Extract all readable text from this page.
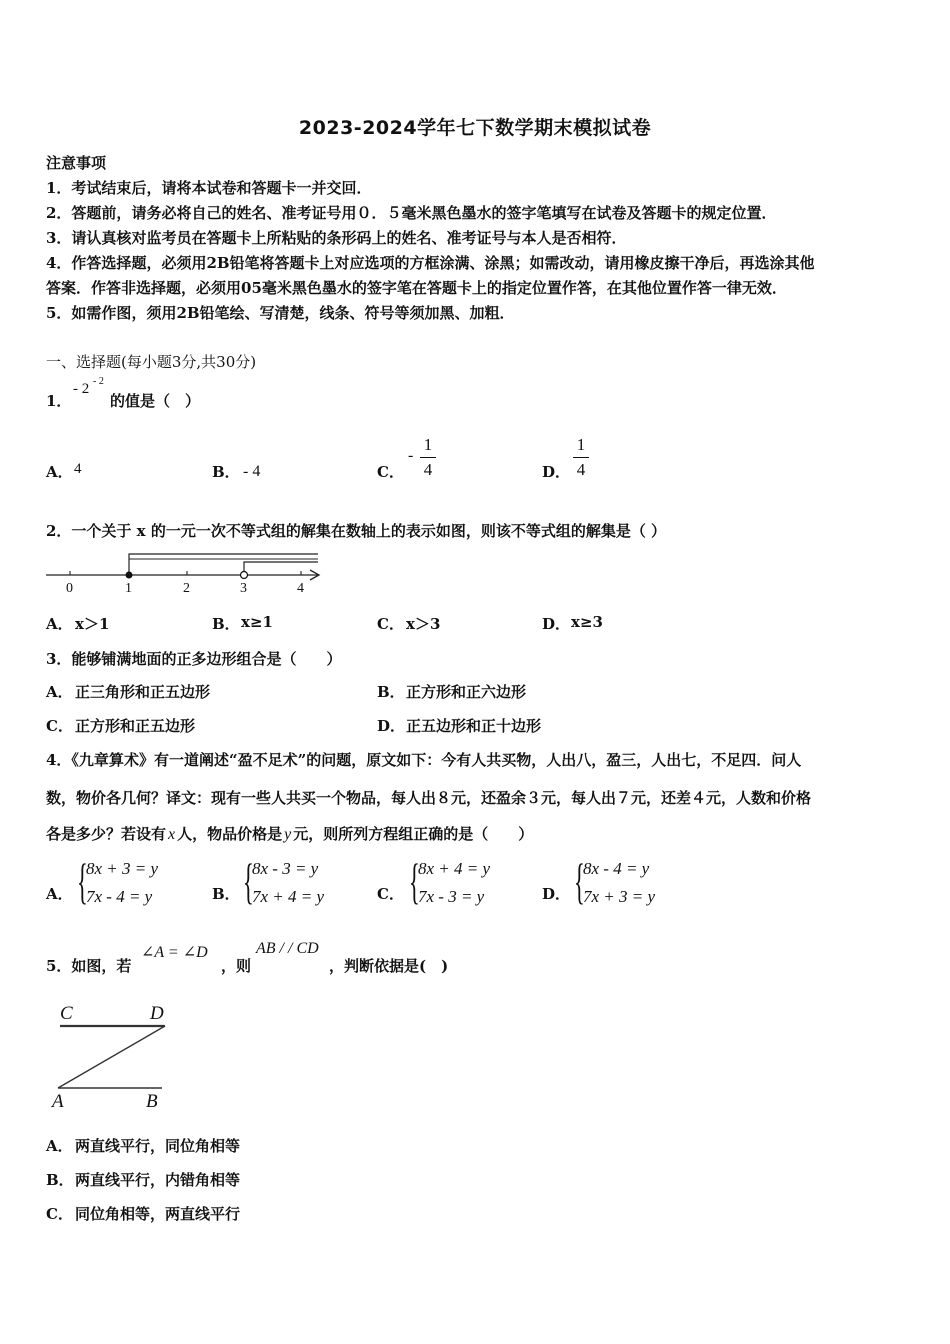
2023-2024学年七下数学期末模拟试卷
注意事项
1．考试结束后，请将本试卷和答题卡一并交回．
2．答题前，请务必将自己的姓名、准考证号用０．５毫米黑色墨水的签字笔填写在试卷及答题卡的规定位置．
3．请认真核对监考员在答题卡上所粘贴的条形码上的姓名、准考证号与本人是否相符．
4．作答选择题，必须用2B铅笔将答题卡上对应选项的方框涂满、涂黑；如需改动，请用橡皮擦干净后，再选涂其他
答案．作答非选择题，必须用05毫米黑色墨水的签字笔在答题卡上的指定位置作答，在其他位置作答一律无效．
5．如需作图，须用2B铅笔绘、写清楚，线条、符号等须加黑、加粗．
一、选择题(每小题3分,共30分)
1．
- 2 - 2
的值是（　）
A． 4	B． - 4	C．
-
1
4	D．
1
4
2．一个关于 x 的一元一次不等式组的解集在数轴上的表示如图，则该不等式组的解集是（ ）
0	1	2	3	4
A． x＞1	B． x≥1	C． x＞3	D． x≥3
3．能够铺满地面的正多边形组合是（　　）
A． 正三角形和正五边形	B． 正方形和正六边形
C． 正方形和正五边形	D． 正五边形和正十边形
4．《九章算术》有一道阐述“盈不足术”的问题，原文如下：今有人共买物，人出八，盈三，人出七，不足四．问人
数，物价各几何？译文：现有一些人共买一个物品，每人出８元，还盈余３元，每人出７元，还差４元，人数和价格
各是多少？若设有 x 人，物品价格是 y 元，则所列方程组正确的是（　　）
A． {
8x + 3 = y
7x - 4 = y	B． {
8x - 3 = y
7x + 4 = y	C． {
8x + 4 = y
7x - 3 = y	D． {
8x - 4 = y
7x + 3 = y
5．如图，若
∠A = ∠D
，则
AB / / CD
，判断依据是(　)
C	D
A	B
A． 两直线平行，同位角相等
B． 两直线平行，内错角相等
C． 同位角相等，两直线平行
